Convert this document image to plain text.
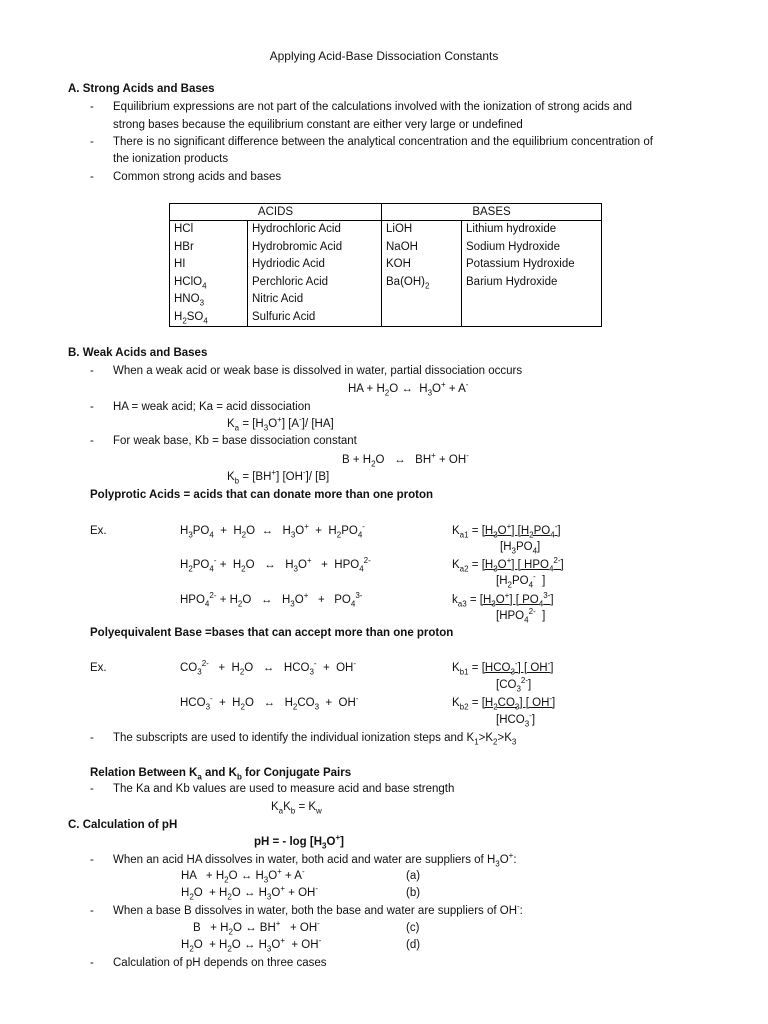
Applying Acid-Base Dissociation Constants
A. Strong Acids and Bases
- Equilibrium expressions are not part of the calculations involved with the ionization of strong acids and
strong bases because the equilibrium constant are either very large or undefined
- There is no significant difference between the analytical concentration and the equilibrium concentration of
the ionization products
- Common strong acids and bases
ACIDS		BASES	
HCl	Hydrochloric Acid	LiOH	Lithium hydroxide
HBr	Hydrobromic Acid	NaOH	Sodium Hydroxide
HI	Hydriodic Acid	KOH	Potassium Hydroxide
HClO$_4$	Perchloric Acid	$Ba(OH)_2$	Barium Hydroxide
$HNO_3$	Nitric Acid		
$H_2SO_4$	Sulfuric Acid		
B. Weak Acids and Bases
- When a weak acid or weak base is dissolved in water, partial dissociation occurs
HA + $H_2O$ ↔  $H_3O^+ + A^-$
- HA = weak acid; Ka = acid dissociation
$K_a = [H_3O^+]$ [A-]/ [HA]
- For weak base, Kb = base dissociation constant
$B + H_2O$   ↔   BH+ + OH-
$K_b = [BH^+]$ [OH-]/ [B]
Polyprotic Acids = acids that can donate more than one proton
Ex.	$H_3PO_4 + H_2O$  ↔   $H_3O^+ + H_2PO_4^-$	$K_{a1} = [H_3O^+]$ $[H_2PO_4^-]$
$[H_3PO_4]$
$H_2PO_4^- + H_2O$   ↔   $H_3O^+ + HPO_4^{2-}$	$K_{a2} = [H_3O^+]$ [ $HPO_4^{2-}$]
[$H_2PO_4^-$  ]
$HPO_4^{2-} + H_2O$   ↔   $H_3O^+ + PO_4^{3-}$	$k_{a3} = [H_3O^+]$ [ $PO_4^{3-}$]
[$HPO_4^{2-}$  ]
Polyequivalent Base =bases that can accept more than one proton
Ex.	$CO_3^{2-} + H_2O$   ↔   $HCO_3^- + OH^-$	$K_{b1} = [HCO_3^-]$ [ OH-]
$[CO_3^{2-}]$
$HCO_3^- + H_2O$   ↔   $H_2CO_3 + OH^-$	$K_{b2} = [H_2CO_3]$ [ OH-]
$[HCO_3^-]$
- The subscripts are used to identify the individual ionization steps and $K_1>K_2>K_3$
Relation Between $K_a$ and $K_b$ for Conjugate Pairs
- The Ka and Kb values are used to measure acid and base strength
$K_aK_b = K_w$
C. Calculation of pH
pH = - $\log [H_3O^+]$
- When an acid HA dissolves in water, both acid and water are suppliers of $H_3O^+$:
HA   + $H_2O$ ↔ $H_3O^+ + A^-$	(a)
$H_2O + H_2O$ ↔ $H_3O^+ + OH^-$	(b)
- When a base B dissolves in water, both the base and water are suppliers of OH-:
$B + H_2O$ ↔ BH+   + OH-	(c)
$H_2O + H_2O$ ↔ $H_3O^+ + OH^-$	(d)
- Calculation of pH depends on three cases
